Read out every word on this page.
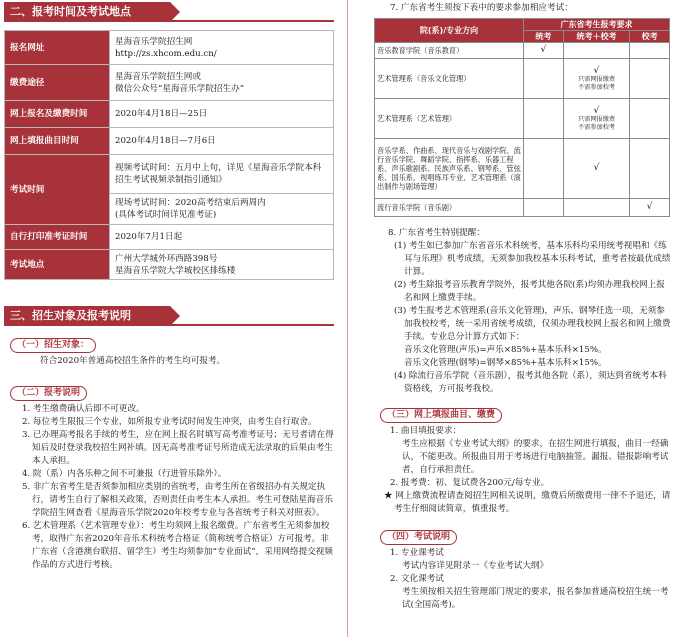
二、报考时间及考试地点
报名网址	星海音乐学院招生网
http://zs.xhcom.edu.cn/
缴费途径	星海音乐学院招生网或
微信公众号“星海音乐学院招生办”
网上报名及缴费时间	2020年4月18日—25日
网上填报曲目时间	2020年4月18日—7月6日
考试时间	视频考试时间：五月中上旬，详见《星海音乐学院本科招生考试视频录制指引通知》
	现场考试时间：2020高考结束后两周内
(具体考试时间详见准考证)
自行打印准考证时间	2020年7月1日起
考试地点	广州大学城外环西路398号
星海音乐学院大学城校区排练楼
三、招生对象及报考说明
（一）招生对象：
符合2020年普通高校招生条件的考生均可报考。
（二）报考说明
1. 考生缴费确认后即不可更改。
2. 每位考生限报三个专业，如所报专业考试时间发生冲突，由考生自行取舍。
3. 已办理高考报名手续的考生，应在网上报名时填写高考准考证号；无号者请在得知后及时登录我校招生网补填。因无高考准考证号所造成无法录取的后果由考生本人承担。
4. 院（系）内各乐种之间不可兼报（行进管乐除外）。
5. 非广东省考生是否须参加相应类别的省统考，由考生所在省级招办有关规定执行，请考生自行了解相关政策，否则责任由考生本人承担。考生可登陆星海音乐学院招生网查看《星海音乐学院2020年校考专业与各省统考子科关对照表》。
6. 艺术管理系（艺术管理专业）：考生均须网上报名缴费。广东省考生无须参加校考，取得广东省2020年音乐术科统考合格证（简称统考合格证）方可报考。非广东省（含港澳台联招、留学生）考生均须参加“专业面试”，采用网络提交视频作品的方式进行考核。
7. 广东省考生须按下表中的要求参加相应考试：
院(系)/专业方向	广东省考生报考要求		
	统考	统考＋校考	校考
音乐教育学院（音乐教育）	√		
艺术管理系（音乐文化管理）		√
只需网报缴费
不需参加校考	

艺术管理系（艺术管理）		√
只需网报缴费
不需参加校考	

音乐学系、作曲系、现代音乐与戏剧学院、流行音乐学院、舞蹈学院、指挥系、乐器工程系、声乐歌剧系、民族声乐系、钢琴系、管弦系、国乐系、视唱练耳专业、艺术管理系（演出制作与剧场管理）		√	
流行音乐学院（音乐剧）			√
8. 广东省考生特别提醒：
(1) 考生如已参加广东省音乐术科统考，基本乐科均采用统考视唱和《练耳与乐理》机考成绩，无须参加我校基本乐科考试，重考者按最优成绩计算。
(2) 考生除报考音乐教育学院外，报考其他各院(系)均须办理我校网上报名和网上缴费手续。
(3) 考生报考艺术管理系(音乐文化管理)，声乐、钢琴任选一项，无须参加我校校考，统一采用省统考成绩，仅须办理我校网上报名和网上缴费手续。专业总分计算方式如下：
音乐文化管理(声乐)=声乐×85%+基本乐科×15%。
音乐文化管理(钢琴)=钢琴×85%+基本乐科×15%。
(4) 除流行音乐学院（音乐剧），报考其他各院（系），须达到省统考本科资格线，方可报考我校。
（三）网上填报曲目、缴费
1. 曲目填报要求：
考生应根据《专业考试大纲》的要求，在招生网进行填报，曲目一经确认，不能更改。所报曲目用于考场进行电脑抽签。漏报、错报影响考试者，自行承担责任。
2. 报考费：初、复试费各200元/每专业。
★ 网上缴费流程请查阅招生网相关说明，缴费后所缴费用一律不予退还，请考生仔细阅读简章，慎重报考。
（四）考试说明
1. 专业课考试
考试内容详见附录一《专业考试大纲》
2. 文化课考试
考生须按相关招生管理部门规定的要求，报名参加普通高校招生统一考试(全国高考)。
